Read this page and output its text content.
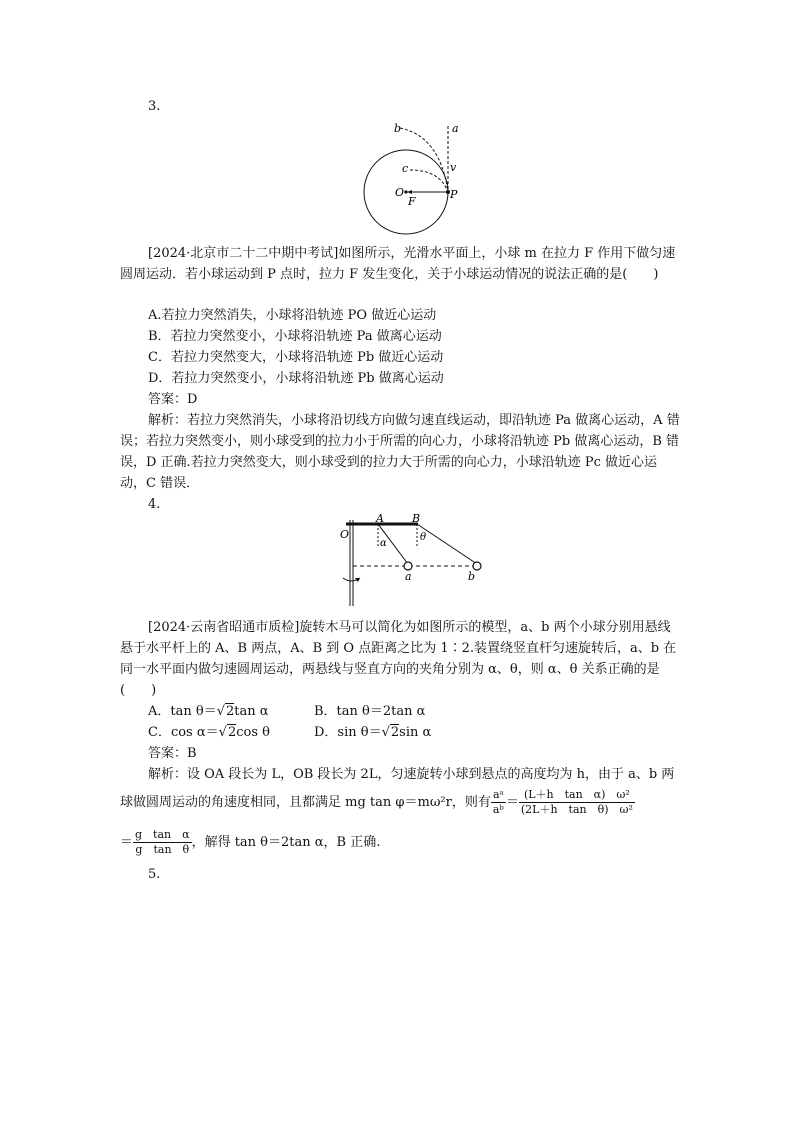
3.
a
b
c	v
O
F
P
[2024·北京市二十二中期中考试]如图所示，光滑水平面上，小球 m 在拉力 F 作用下做匀速圆周运动．若小球运动到 P 点时，拉力 F 发生变化，关于小球运动情况的说法正确的是(　　)
A.若拉力突然消失，小球将沿轨迹 PO 做近心运动
B．若拉力突然变小，小球将沿轨迹 Pa 做离心运动
C．若拉力突然变大，小球将沿轨迹 Pb 做近心运动
D．若拉力突然变小，小球将沿轨迹 Pb 做离心运动
答案：D
解析：若拉力突然消失，小球将沿切线方向做匀速直线运动，即沿轨迹 Pa 做离心运动，A 错误；若拉力突然变小，则小球受到的拉力小于所需的向心力，小球将沿轨迹 Pb 做离心运动，B 错误，D 正确.若拉力突然变大，则小球受到的拉力大于所需的向心力，小球沿轨迹 Pc 做近心运动，C 错误．
4.
O
A	B
α
θ
a	b
[2024·云南省昭通市质检]旋转木马可以简化为如图所示的模型，a、b 两个小球分别用悬线悬于水平杆上的 A、B 两点，A、B 到 O 点距离之比为 1∶2.装置绕竖直杆匀速旋转后，a、b 在同一水平面内做匀速圆周运动，两悬线与竖直方向的夹角分别为 α、θ，则 α、θ 关系正确的是(　　)
A．tan θ＝√2tan α	B．tan θ＝2tan α
C．cos α＝√2cos θ	D．sin θ＝√2sin α
答案：B
解析：设 OA 段长为 L，OB 段长为 2L，匀速旋转小球到悬点的高度均为 h，由于 a、b 两
球做圆周运动的角速度相同，且都满足 mg tan φ＝mω²r，则有 $\frac{\text{aᵃ}}{\text{aᵇ}} = \frac{\text{(L＋h　tan　α)　ω²}}{\text{(2L＋h　tan　θ)　ω²}}$
＝ $\frac{\text{g　tan　α}}{\text{g　tan　θ}}$ ，解得 tan θ＝2tan α，B 正确.
5.
